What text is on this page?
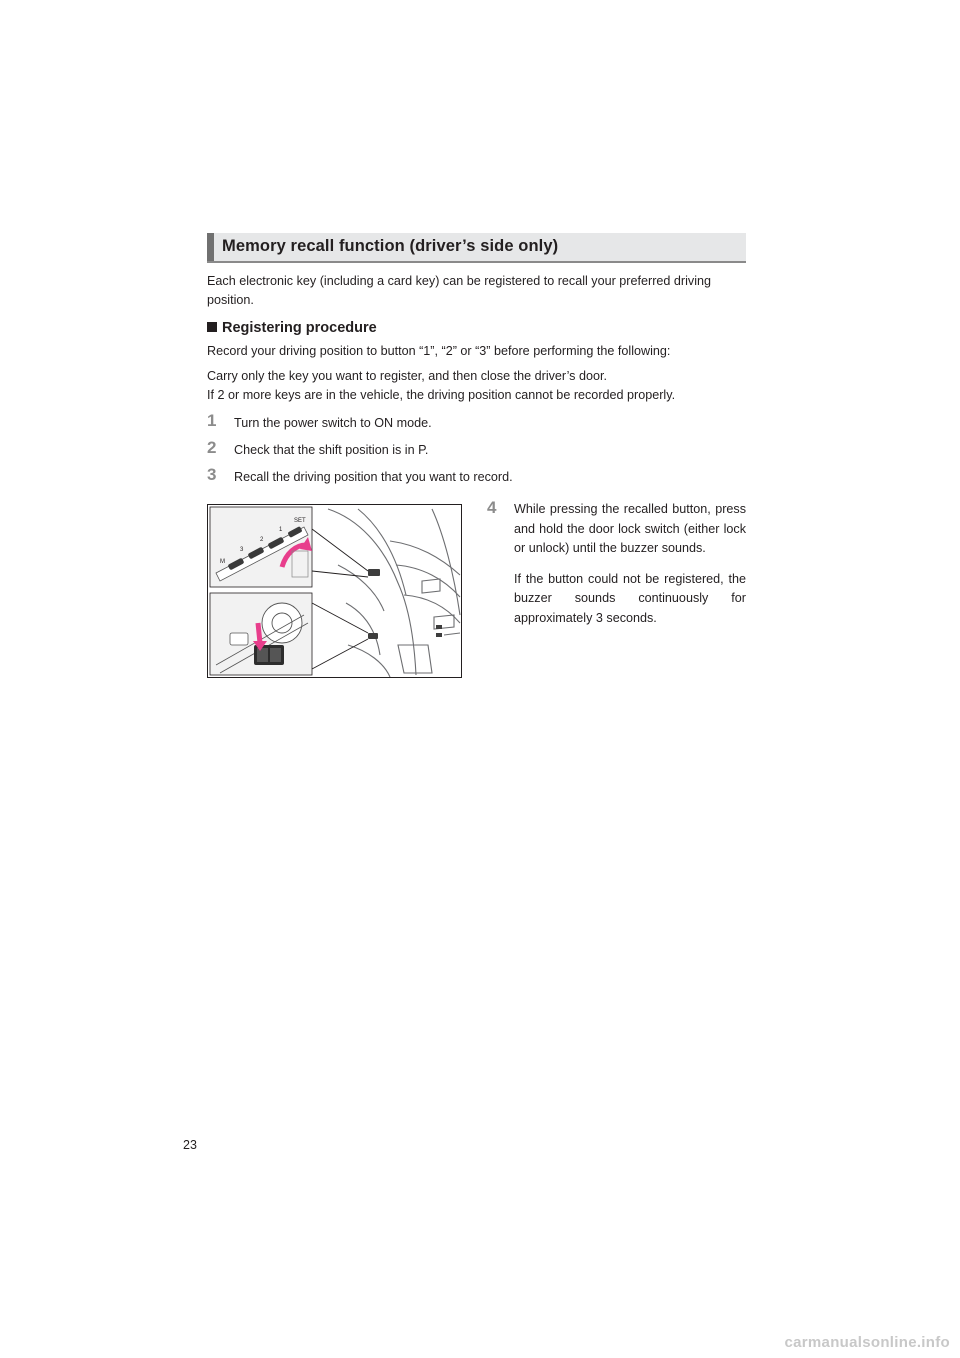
Memory recall function (driver’s side only)
Each electronic key (including a card key) can be registered to recall your preferred driving position.
Registering procedure
Record your driving position to button “1”, “2” or “3” before performing the following:
Carry only the key you want to register, and then close the driver’s door.
If 2 or more keys are in the vehicle, the driving position cannot be recorded properly.
1 Turn the power switch to ON mode.
2 Check that the shift position is in P.
3 Recall the driving position that you want to record.
M
3
2
1
SET
4 While pressing the recalled button, press and hold the door lock switch (either lock or unlock) until the buzzer sounds.
If the button could not be registered, the buzzer sounds continuously for approximately 3 seconds.
23
carmanualsonline.info
